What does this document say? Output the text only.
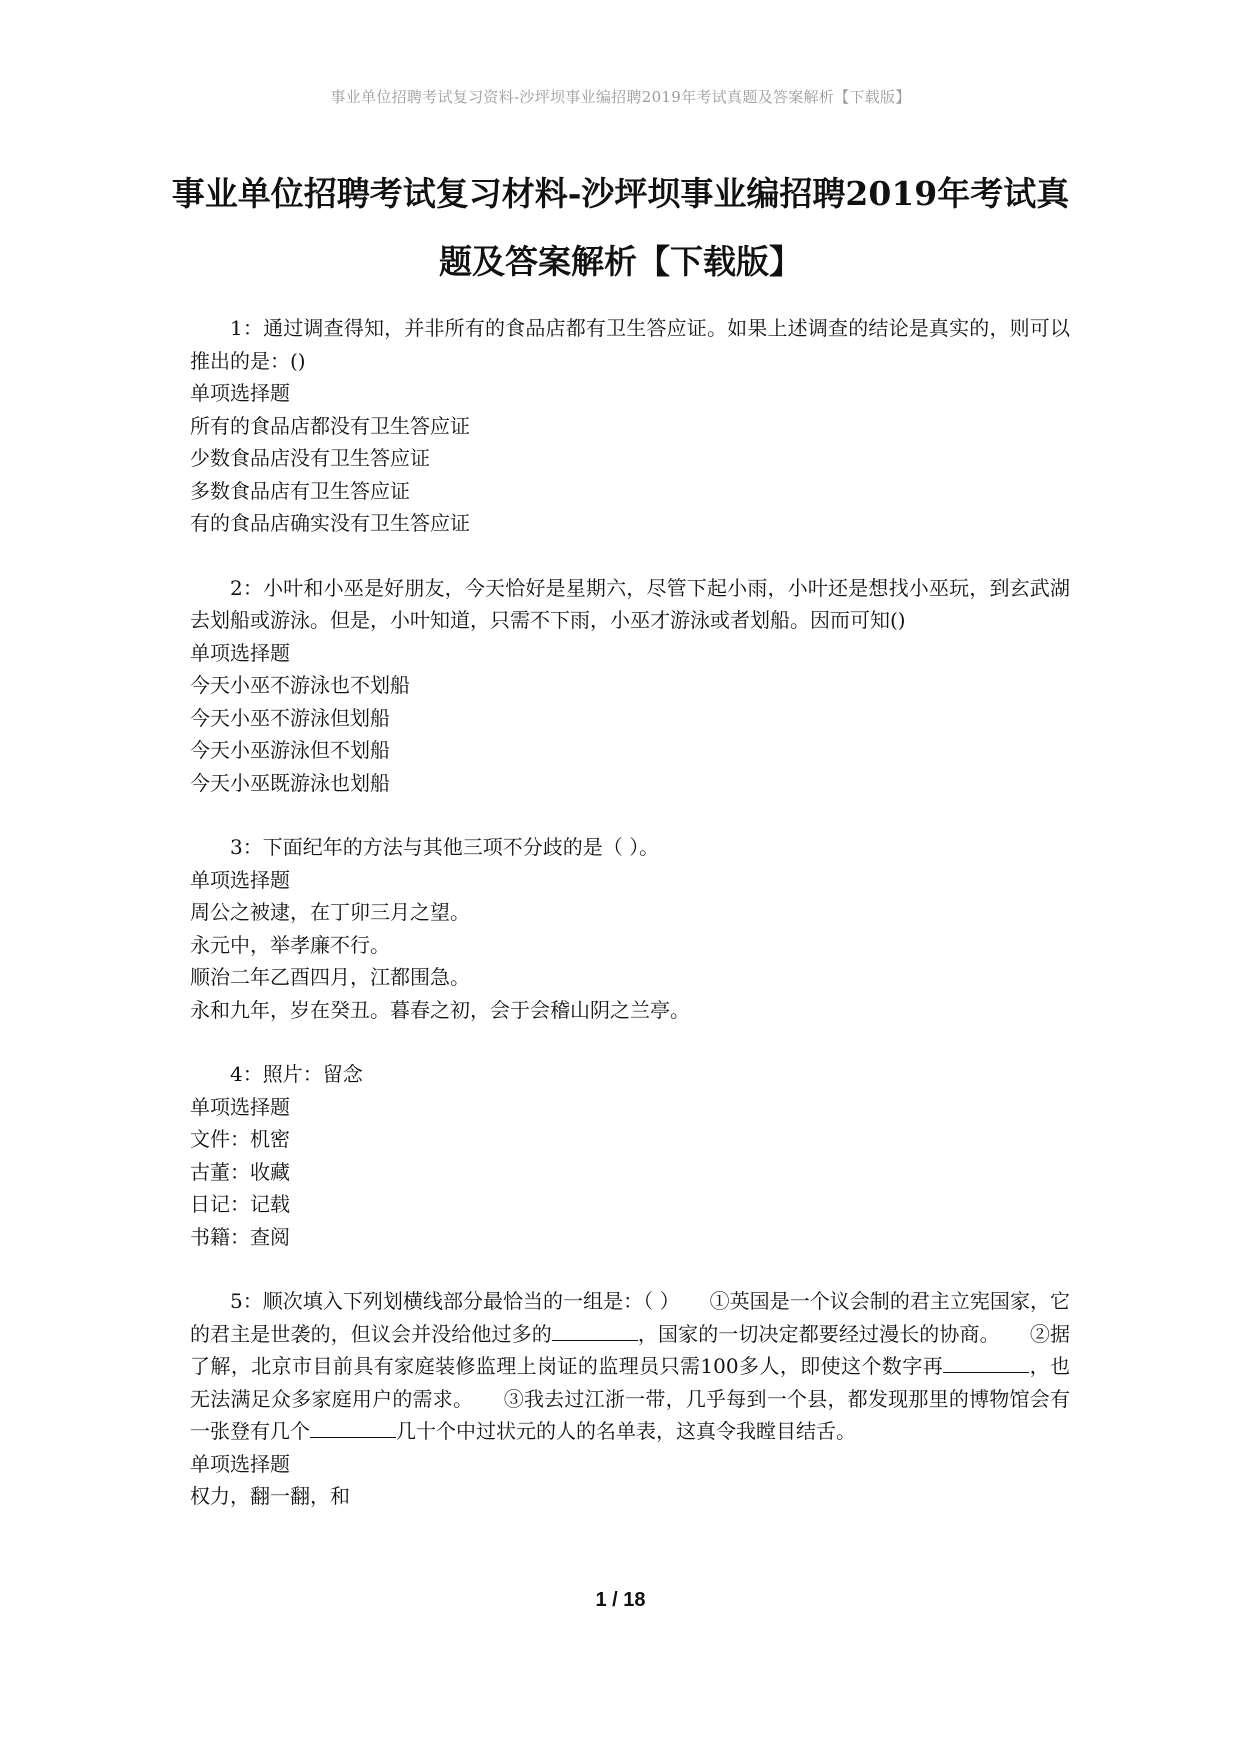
事业单位招聘考试复习资料-沙坪坝事业编招聘2019年考试真题及答案解析【下载版】
事业单位招聘考试复习材料-沙坪坝事业编招聘2019年考试真题及答案解析【下载版】

1：通过调查得知，并非所有的食品店都有卫生答应证。如果上述调查的结论是真实的，则可以推出的是：()

单项选择题

所有的食品店都没有卫生答应证

少数食品店没有卫生答应证

多数食品店有卫生答应证

有的食品店确实没有卫生答应证

2：小叶和小巫是好朋友，今天恰好是星期六，尽管下起小雨，小叶还是想找小巫玩，到玄武湖去划船或游泳。但是，小叶知道，只需不下雨，小巫才游泳或者划船。因而可知()

单项选择题

今天小巫不游泳也不划船

今天小巫不游泳但划船

今天小巫游泳但不划船

今天小巫既游泳也划船

3：下面纪年的方法与其他三项不分歧的是（ ）。

单项选择题

周公之被逮，在丁卯三月之望。

永元中，举孝廉不行。

顺治二年乙酉四月，江都围急。

永和九年，岁在癸丑。暮春之初，会于会稽山阴之兰亭。

4：照片：留念

单项选择题

文件：机密

古董：收藏

日记：记载

书籍：查阅

5：顺次填入下列划横线部分最恰当的一组是：（ ）　　①英国是一个议会制的君主立宪国家，它的君主是世袭的，但议会并没给他过多的	，国家的一切决定都要经过漫长的协商。　　②据了解，北京市目前具有家庭装修监理上岗证的监理员只需100多人，即使这个数字再	，也无法满足众多家庭用户的需求。　　③我去过江浙一带，几乎每到一个县，都发现那里的博物馆会有一张登有几个	几十个中过状元的人的名单表，这真令我瞠目结舌。

单项选择题

权力，翻一翻，和

1 / 18
